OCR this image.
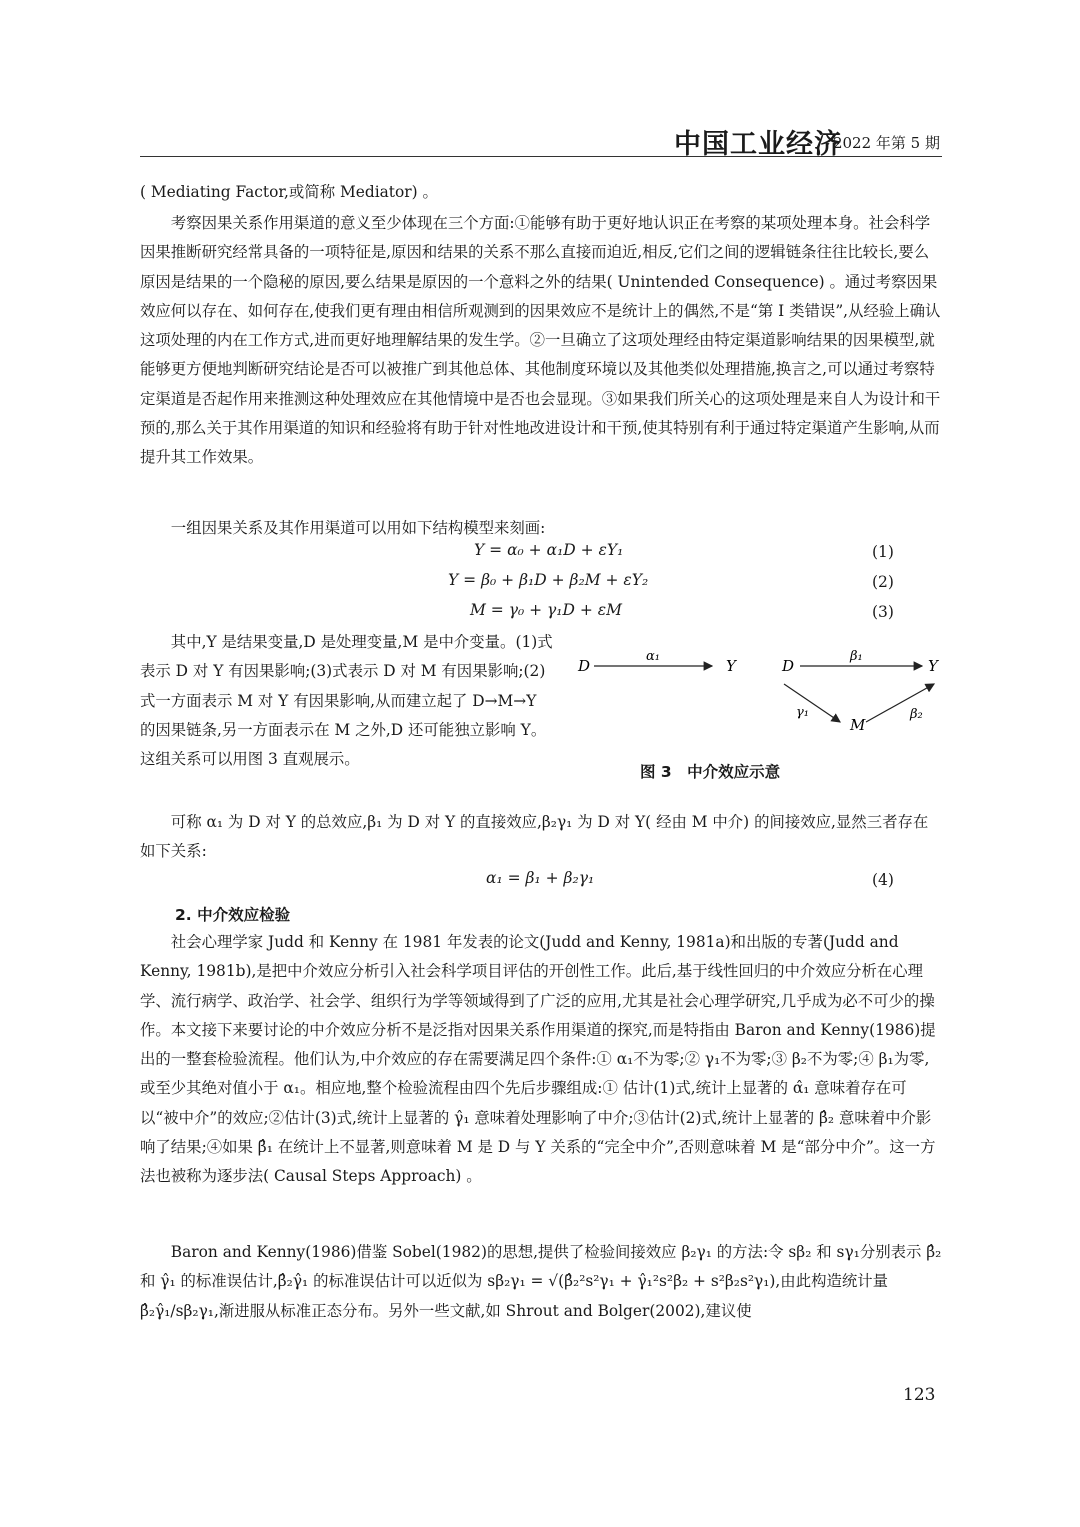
中国工业经济
2022 年第 5 期

( Mediating Factor,或简称 Mediator) 。

考察因果关系作用渠道的意义至少体现在三个方面:①能够有助于更好地认识正在考察的某项处理本身。社会科学因果推断研究经常具备的一项特征是,原因和结果的关系不那么直接而迫近,相反,它们之间的逻辑链条往往比较长,要么原因是结果的一个隐秘的原因,要么结果是原因的一个意料之外的结果( Unintended Consequence) 。通过考察因果效应何以存在、如何存在,使我们更有理由相信所观测到的因果效应不是统计上的偶然,不是“第 I 类错误”,从经验上确认这项处理的内在工作方式,进而更好地理解结果的发生学。②一旦确立了这项处理经由特定渠道影响结果的因果模型,就能够更方便地判断研究结论是否可以被推广到其他总体、其他制度环境以及其他类似处理措施,换言之,可以通过考察特定渠道是否起作用来推测这种处理效应在其他情境中是否也会显现。③如果我们所关心的这项处理是来自人为设计和干预的,那么关于其作用渠道的知识和经验将有助于针对性地改进设计和干预,使其特别有利于通过特定渠道产生影响,从而提升其工作效果。

一组因果关系及其作用渠道可以用如下结构模型来刻画:

Y = α₀ + α₁D + εY₁	(1)
Y = β₀ + β₁D + β₂M + εY₂	(2)
M = γ₀ + γ₁D + εM	(3)

其中,Y 是结果变量,D 是处理变量,M 是中介变量。(1)式表示 D 对 Y 有因果影响;(3)式表示 D 对 M 有因果影响;(2)式一方面表示 M 对 Y 有因果影响,从而建立起了 D→M→Y 的因果链条,另一方面表示在 M 之外,D 还可能独立影响 Y。这组关系可以用图 3 直观展示。

D	Y
α₁
D	Y
β₁
M
γ₁	β₂
图 3　中介效应示意

可称 α₁ 为 D 对 Y 的总效应,β₁ 为 D 对 Y 的直接效应,β₂γ₁ 为 D 对 Y( 经由 M 中介) 的间接效应,显然三者存在如下关系:

α₁ = β₁ + β₂γ₁	(4)
2. 中介效应检验

社会心理学家 Judd 和 Kenny 在 1981 年发表的论文(Judd and Kenny, 1981a)和出版的专著(Judd and Kenny, 1981b),是把中介效应分析引入社会科学项目评估的开创性工作。此后,基于线性回归的中介效应分析在心理学、流行病学、政治学、社会学、组织行为学等领域得到了广泛的应用,尤其是社会心理学研究,几乎成为必不可少的操作。本文接下来要讨论的中介效应分析不是泛指对因果关系作用渠道的探究,而是特指由 Baron and Kenny(1986)提出的一整套检验流程。他们认为,中介效应的存在需要满足四个条件:① α₁不为零;② γ₁不为零;③ β₂不为零;④ β₁为零,或至少其绝对值小于 α₁。相应地,整个检验流程由四个先后步骤组成:① 估计(1)式,统计上显著的 α̂₁ 意味着存在可以“被中介”的效应;②估计(3)式,统计上显著的 γ̂₁ 意味着处理影响了中介;③估计(2)式,统计上显著的 β̂₂ 意味着中介影响了结果;④如果 β̂₁ 在统计上不显著,则意味着 M 是 D 与 Y 关系的“完全中介”,否则意味着 M 是“部分中介”。这一方法也被称为逐步法( Causal Steps Approach) 。

Baron and Kenny(1986)借鉴 Sobel(1982)的思想,提供了检验间接效应 β₂γ₁ 的方法:令 sβ₂ 和 sγ₁分别表示 β̂₂ 和 γ̂₁ 的标准误估计,β̂₂γ̂₁ 的标准误估计可以近似为 sβ₂γ₁ = √(β̂₂²s²γ₁ + γ̂₁²s²β₂ + s²β₂s²γ₁),由此构造统计量 β̂₂γ̂₁/sβ₂γ₁,渐进服从标准正态分布。另外一些文献,如 Shrout and Bolger(2002),建议使

123
